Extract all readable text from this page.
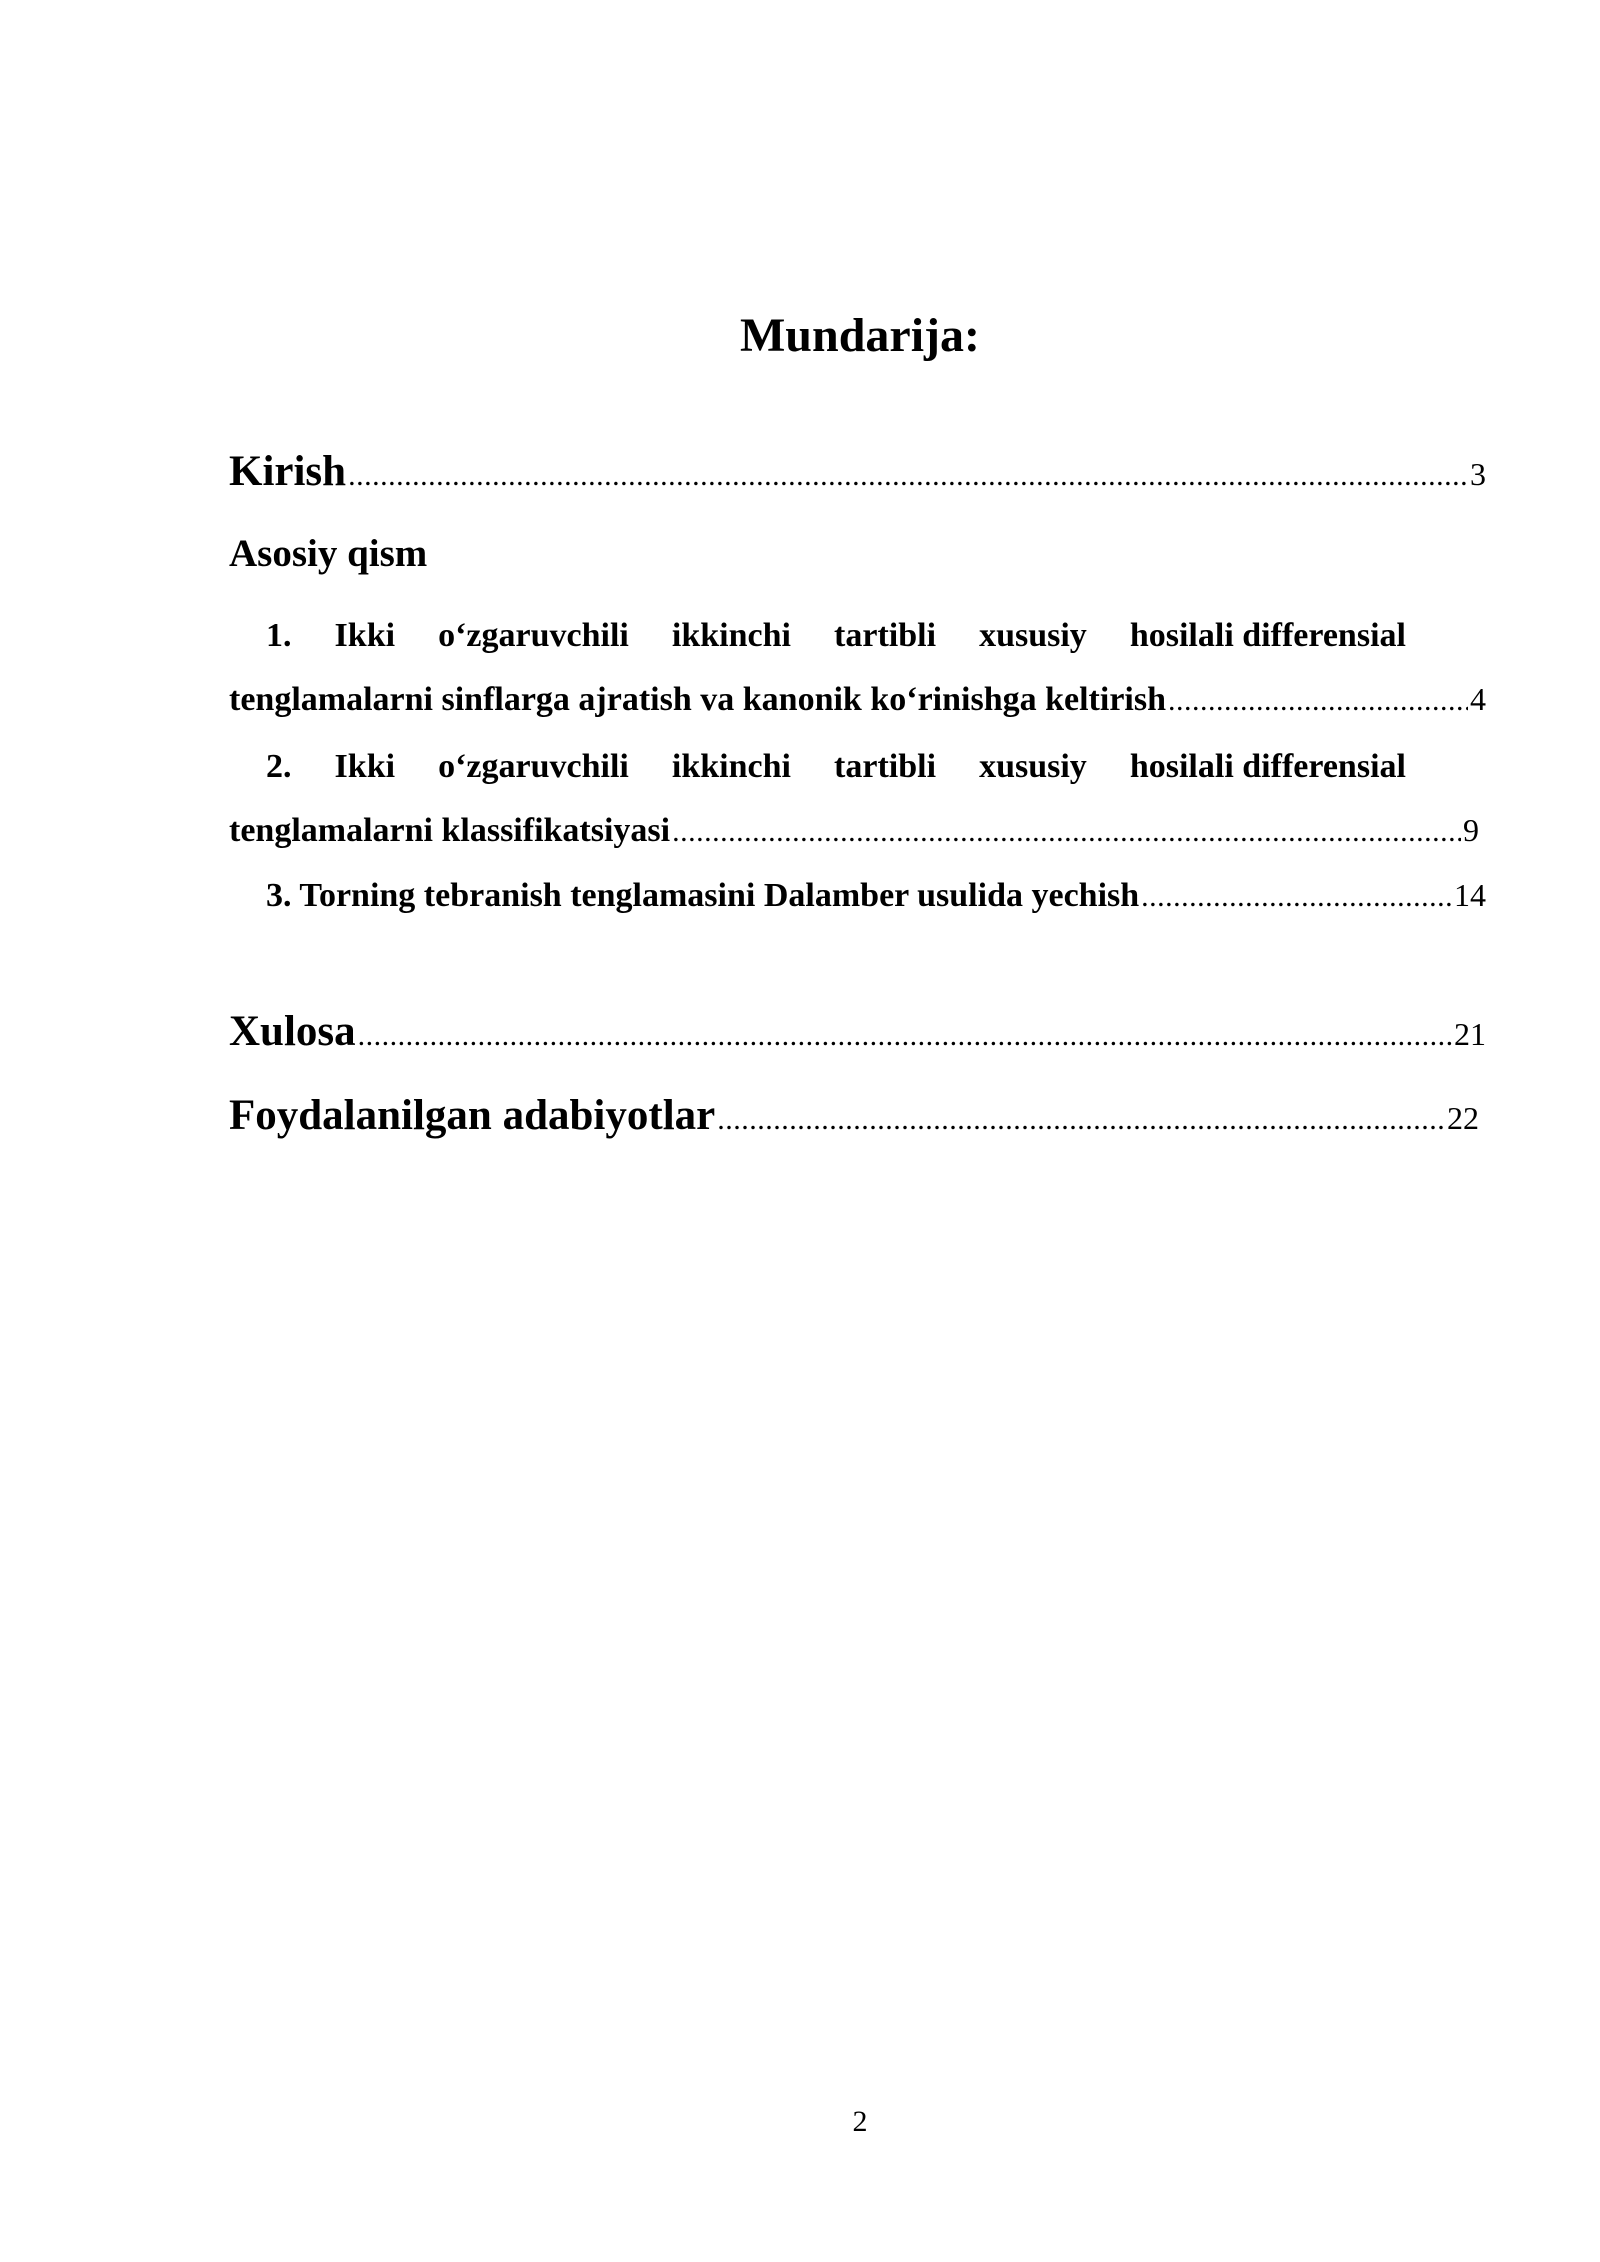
Mundarija:
Kirish .....	3
Asosiy qism
1. Ikki o‘zgaruvchili ikkinchi tartibli xususiy hosilali differensial
tenglamalarni sinflarga ajratish va kanonik ko‘rinishga keltirish .....	4
2. Ikki o‘zgaruvchili ikkinchi tartibli xususiy hosilali differensial
tenglamalarni klassifikatsiyasi .....	9
3. Torning tebranish tenglamasini Dalamber usulida yechish .....	14
Xulosa .....	21
Foydalanilgan adabiyotlar .....	22
2
